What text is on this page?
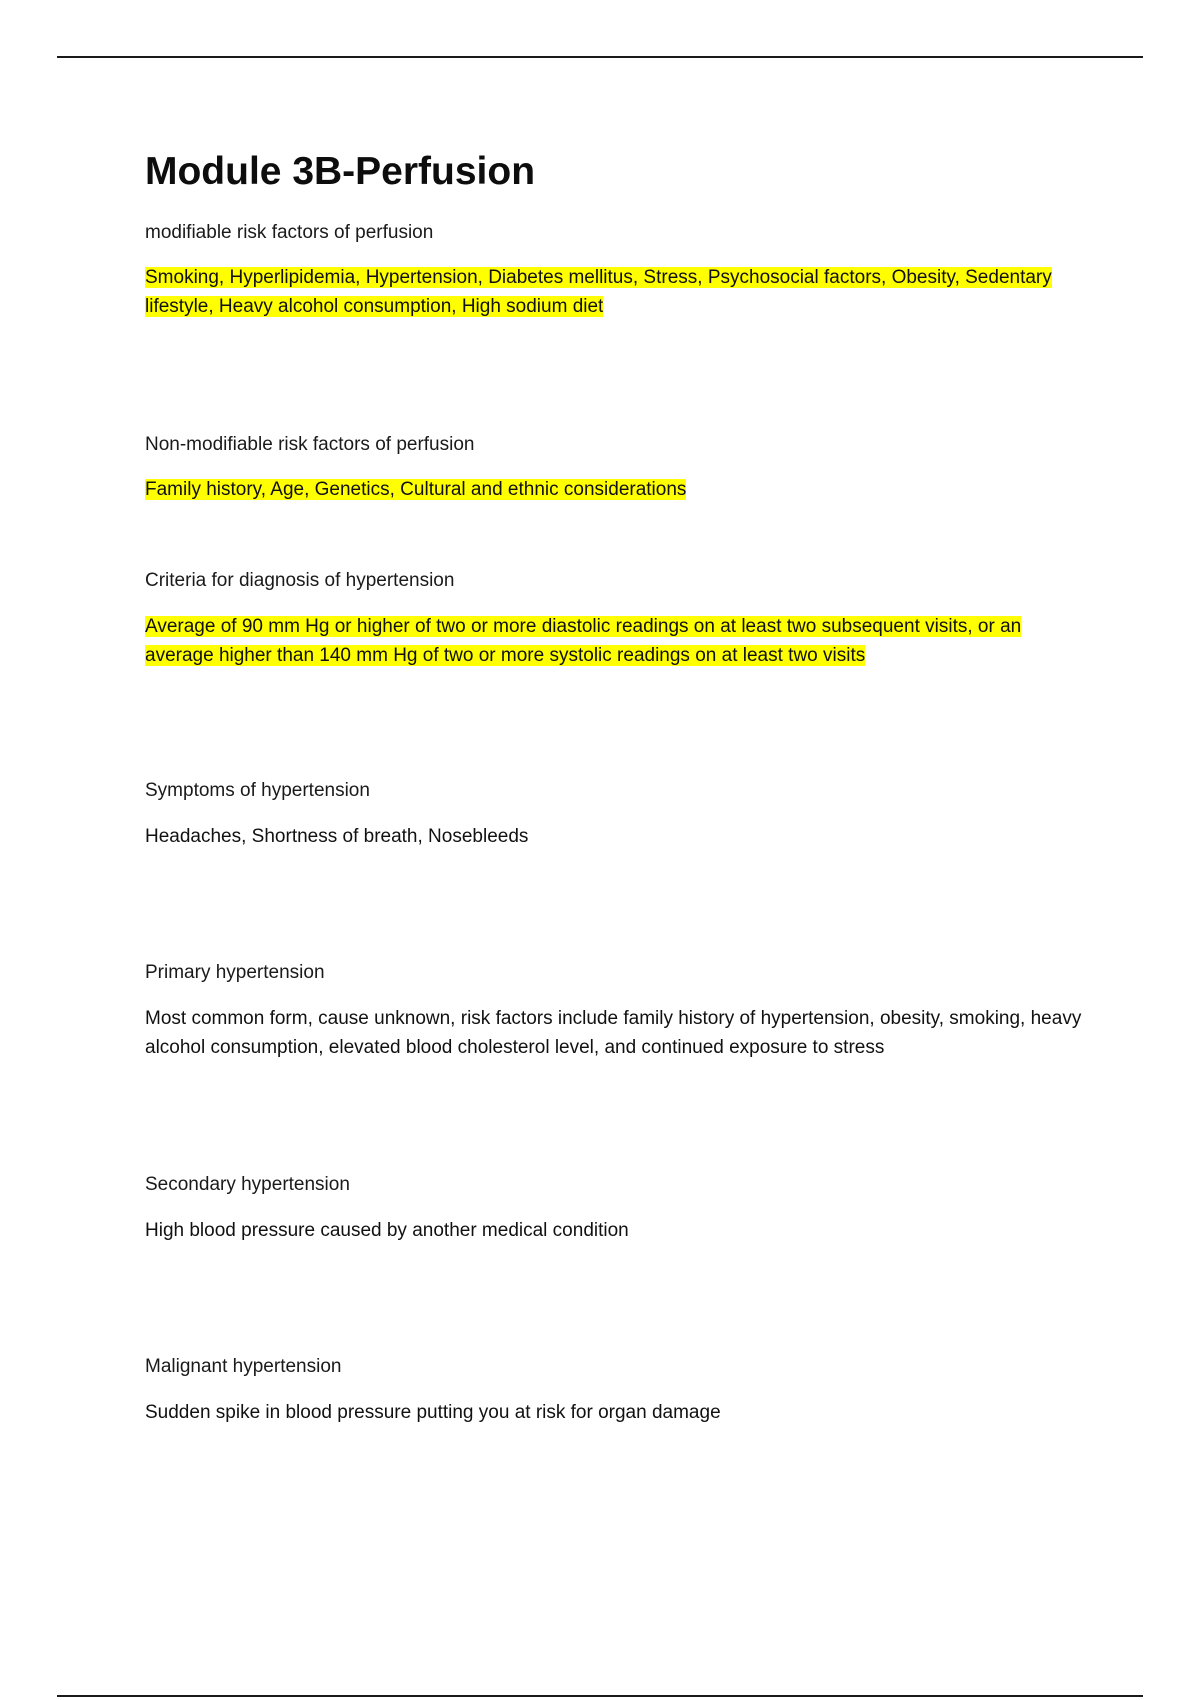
Module 3B-Perfusion

modifiable risk factors of perfusion

Smoking, Hyperlipidemia, Hypertension, Diabetes mellitus, Stress, Psychosocial factors, Obesity, Sedentary lifestyle, Heavy alcohol consumption, High sodium diet

Non-modifiable risk factors of perfusion

Family history, Age, Genetics, Cultural and ethnic considerations

Criteria for diagnosis of hypertension

Average of 90 mm Hg or higher of two or more diastolic readings on at least two subsequent visits, or an average higher than 140 mm Hg of two or more systolic readings on at least two visits

Symptoms of hypertension

Headaches, Shortness of breath, Nosebleeds

Primary hypertension

Most common form, cause unknown, risk factors include family history of hypertension, obesity, smoking, heavy alcohol consumption, elevated blood cholesterol level, and continued exposure to stress

Secondary hypertension

High blood pressure caused by another medical condition

Malignant hypertension

Sudden spike in blood pressure putting you at risk for organ damage
